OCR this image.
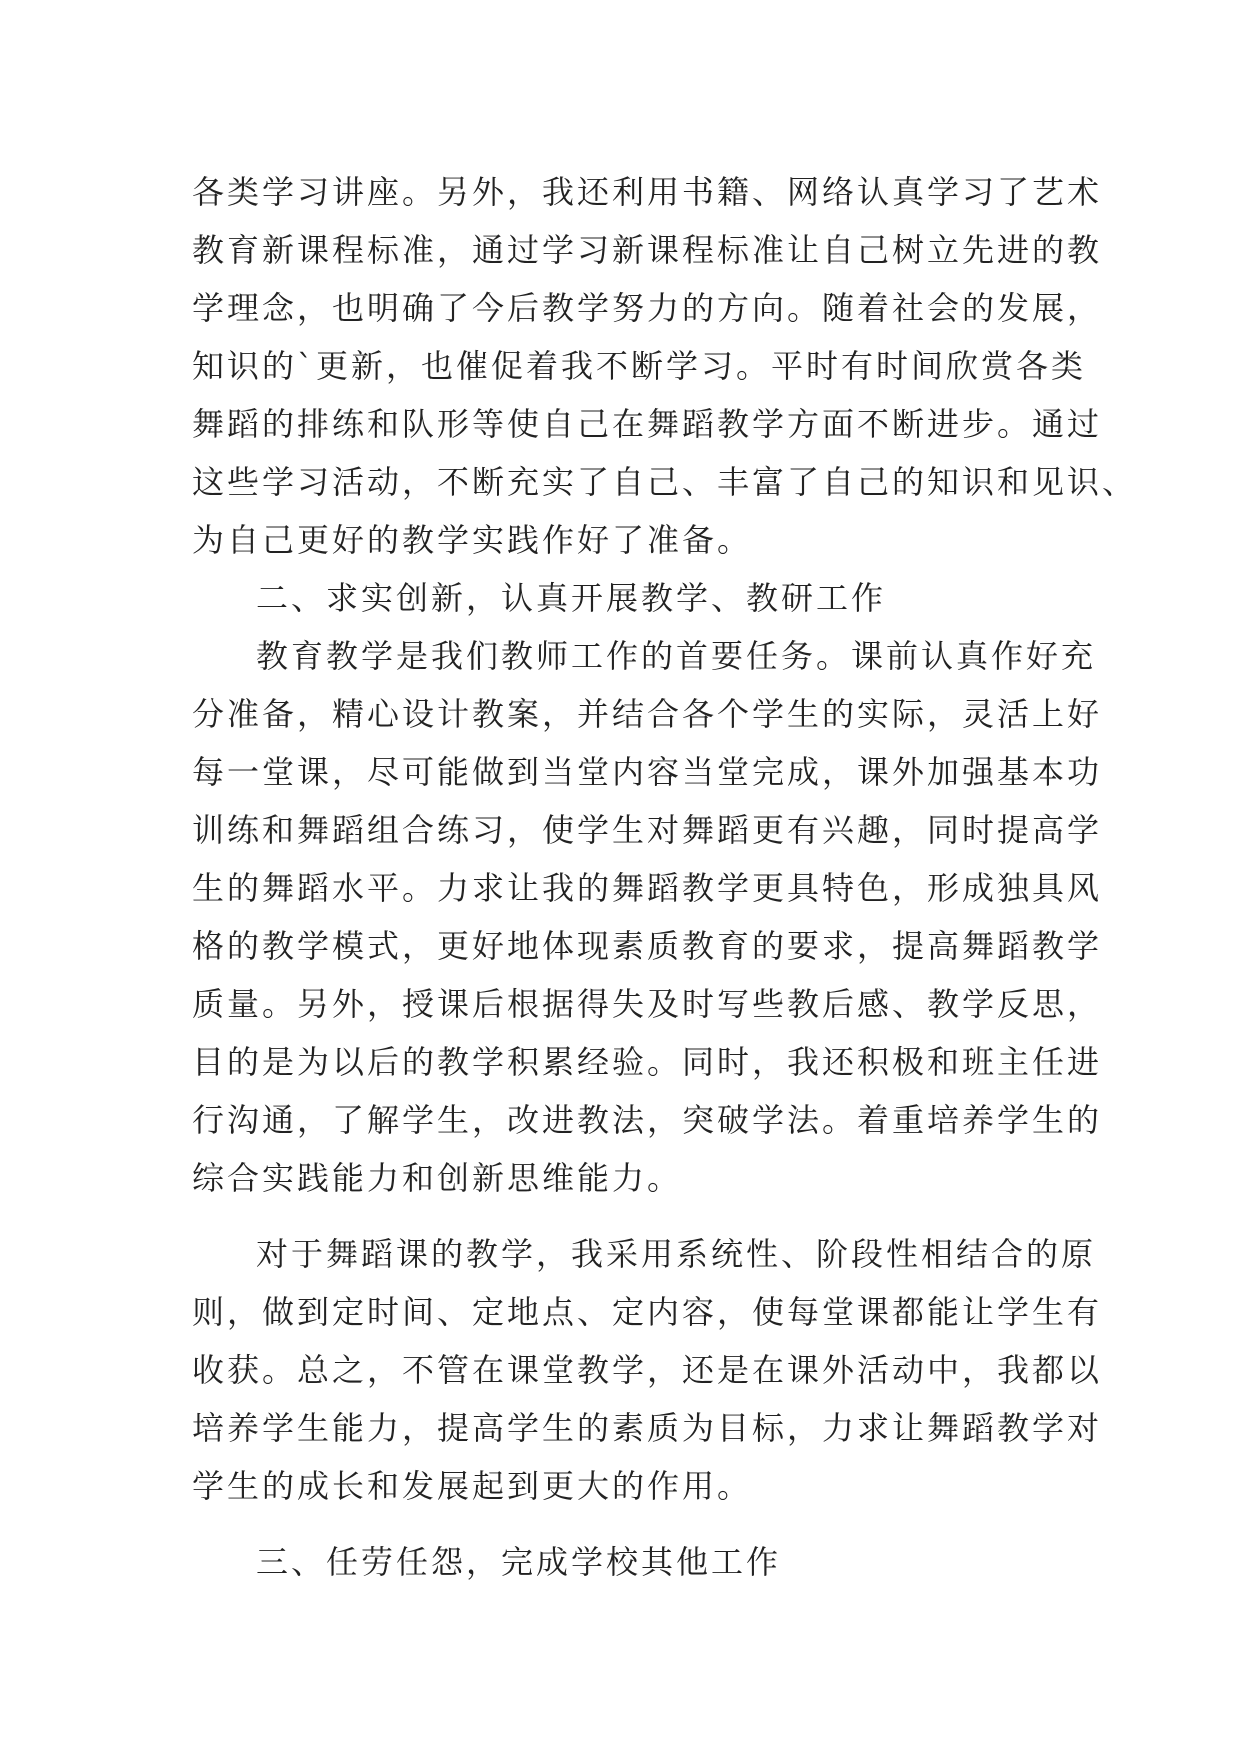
各类学习讲座。另外，我还利用书籍、网络认真学习了艺术
教育新课程标准，通过学习新课程标准让自己树立先进的教
学理念，也明确了今后教学努力的方向。随着社会的发展，
知识的`更新，也催促着我不断学习。平时有时间欣赏各类
舞蹈的排练和队形等使自己在舞蹈教学方面不断进步。通过
这些学习活动，不断充实了自己、丰富了自己的知识和见识、
为自己更好的教学实践作好了准备。
二、求实创新，认真开展教学、教研工作
教育教学是我们教师工作的首要任务。课前认真作好充
分准备，精心设计教案，并结合各个学生的实际，灵活上好
每一堂课，尽可能做到当堂内容当堂完成，课外加强基本功
训练和舞蹈组合练习，使学生对舞蹈更有兴趣，同时提高学
生的舞蹈水平。力求让我的舞蹈教学更具特色，形成独具风
格的教学模式，更好地体现素质教育的要求，提高舞蹈教学
质量。另外，授课后根据得失及时写些教后感、教学反思，
目的是为以后的教学积累经验。同时，我还积极和班主任进
行沟通，了解学生，改进教法，突破学法。着重培养学生的
综合实践能力和创新思维能力。
对于舞蹈课的教学，我采用系统性、阶段性相结合的原
则，做到定时间、定地点、定内容，使每堂课都能让学生有
收获。总之，不管在课堂教学，还是在课外活动中，我都以
培养学生能力，提高学生的素质为目标，力求让舞蹈教学对
学生的成长和发展起到更大的作用。
三、任劳任怨，完成学校其他工作
